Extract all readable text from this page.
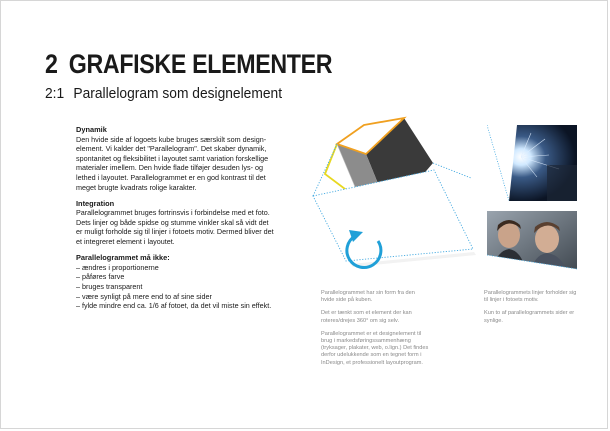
2 GRAFISKE ELEMENTER
2:1 Parallelogram som designelement
Dynamik

Den hvide side af logoets kube bruges særskilt som designelement. Vi kalder det "Parallelogram". Det skaber dynamik, spontanitet og fleksibilitet i layoutet samt variation forskellige materialer imellem. Den hvide flade tilføjer desuden lys- og lethed i layoutet. Parallelogrammet er en god kontrast til det meget brugte kvadrats rolige karakter.

Integration

Parallelogrammet bruges fortrinsvis i forbindelse med et foto. Dets linjer og både spidse og stumme vinkler skal så vidt det er muligt forholde sig til linjer i fotoets motiv. Dermed bliver det et integreret element i layoutet.

Parallelogrammet må ikke:
– ændres i proportionerne
– påføres farve
– bruges transparent
– være synligt på mere end to af sine sider
– fylde mindre end ca. 1/6 af fotoet, da det vil miste sin effekt.

Parallelogrammet har sin form fra den hvide side på kuben.

Det er tænkt som et element der kan roteres/drejes 360° om sig selv.

Parallelogrammet er et designelement til brug i markedsføringssammenhæng (tryksager, plakater, web, o.lign.) Det findes derfor udelukkende som en tegnet form i InDesign, et professionelt layoutprogram.

Parallelogrammets linjer forholder sig til linjer i fotoets motiv.

Kun to af parallelogrammets sider er synlige.
